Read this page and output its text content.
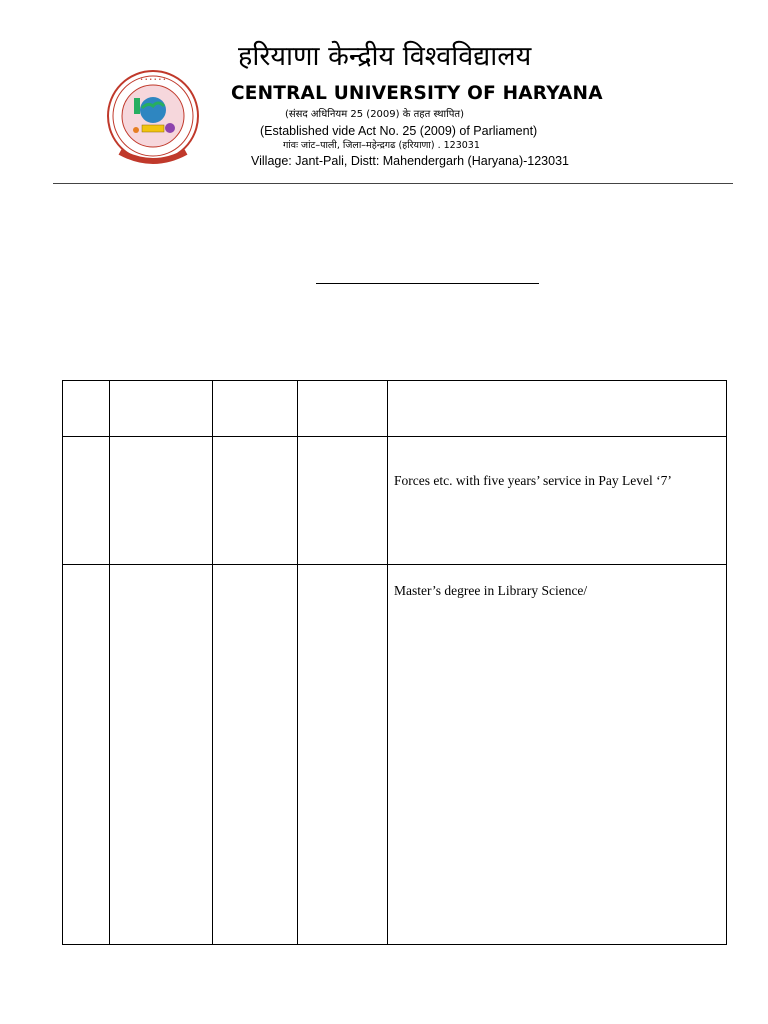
• • • • • •
हरियाणा केन्द्रीय विश्वविद्यालय
CENTRAL UNIVERSITY OF HARYANA
(संसद अधिनियम 25 (2009) के तहत स्थापित)
(Established vide Act No. 25 (2009) of Parliament)
गांवः जांट–पाली, जिला–महेन्द्रगढ (हरियाणा) . 123031
Village: Jant-Pali, Distt: Mahendergarh (Haryana)-123031

				Forces etc. with five years’ service in Pay Level ‘7’

				Master’s degree in Library Science/
